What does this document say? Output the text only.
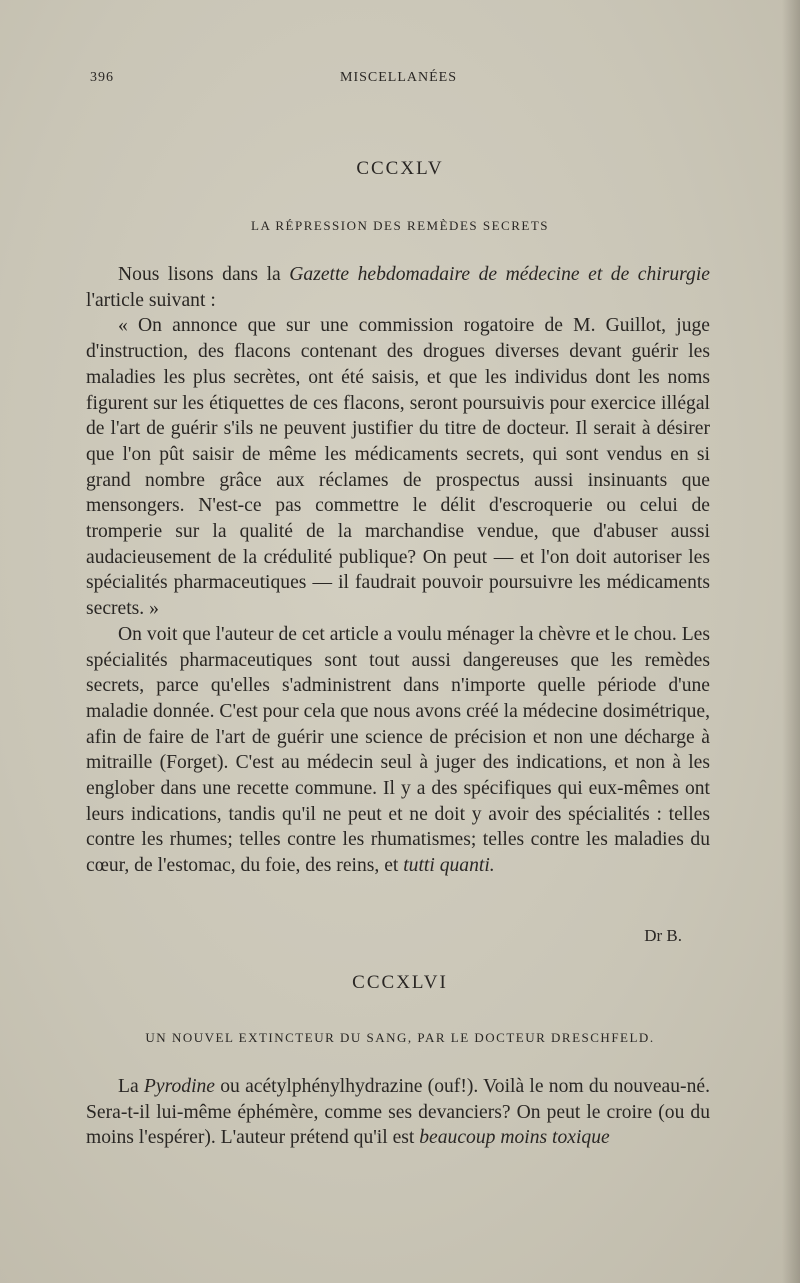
396	MISCELLANÉES
CCCXLV
LA RÉPRESSION DES REMÈDES SECRETS

Nous lisons dans la Gazette hebdomadaire de médecine et de chirurgie l'article suivant :

« On annonce que sur une commission rogatoire de M. Guillot, juge d'instruction, des flacons contenant des drogues diverses devant guérir les maladies les plus secrètes, ont été saisis, et que les individus dont les noms figurent sur les étiquettes de ces flacons, seront poursuivis pour exercice illégal de l'art de guérir s'ils ne peuvent justifier du titre de docteur. Il serait à désirer que l'on pût saisir de même les médicaments secrets, qui sont vendus en si grand nombre grâce aux réclames de prospectus aussi insinuants que mensongers. N'est-ce pas commettre le délit d'escroquerie ou celui de tromperie sur la qualité de la marchandise vendue, que d'abuser aussi audacieusement de la crédulité publique? On peut — et l'on doit autoriser les spécialités pharmaceutiques — il faudrait pouvoir poursuivre les médicaments secrets. »

On voit que l'auteur de cet article a voulu ménager la chèvre et le chou. Les spécialités pharmaceutiques sont tout aussi dangereuses que les remèdes secrets, parce qu'elles s'administrent dans n'importe quelle période d'une maladie donnée. C'est pour cela que nous avons créé la médecine dosimétrique, afin de faire de l'art de guérir une science de précision et non une décharge à mitraille (Forget). C'est au médecin seul à juger des indications, et non à les englober dans une recette commune. Il y a des spécifiques qui eux-mêmes ont leurs indications, tandis qu'il ne peut et ne doit y avoir des spécialités : telles contre les rhumes; telles contre les rhumatismes; telles contre les maladies du cœur, de l'estomac, du foie, des reins, et tutti quanti.

Dr B.
CCCXLVI
UN NOUVEL EXTINCTEUR DU SANG, PAR LE DOCTEUR DRESCHFELD.

La Pyrodine ou acétylphénylhydrazine (ouf!). Voilà le nom du nouveau-né. Sera-t-il lui-même éphémère, comme ses devanciers? On peut le croire (ou du moins l'espérer). L'auteur prétend qu'il est beaucoup moins toxique
